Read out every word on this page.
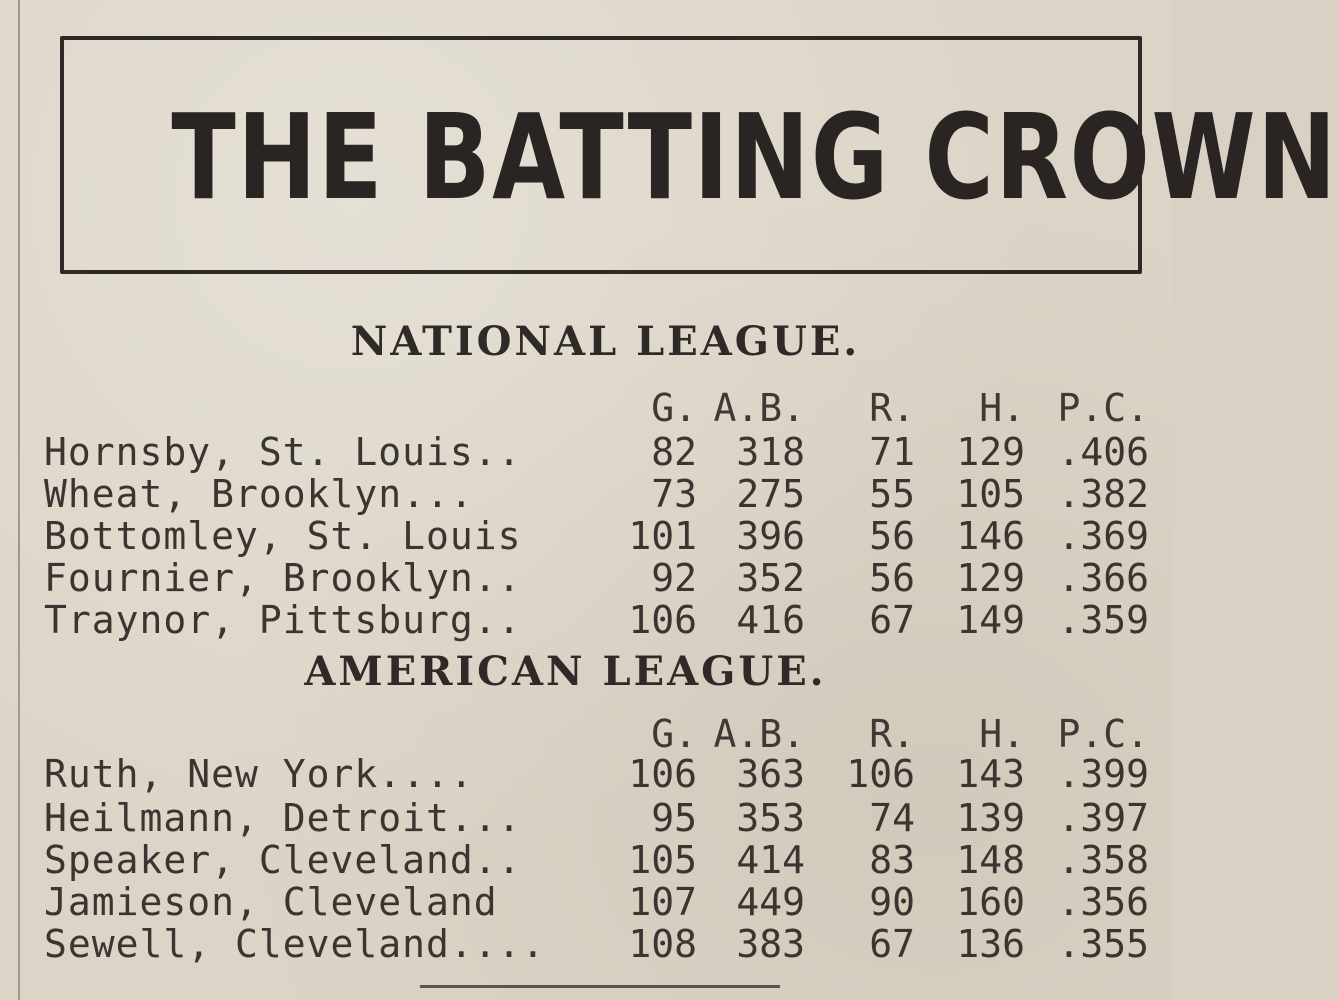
THE BATTING CROWN
NATIONAL LEAGUE.
G. A.B. R. H. P.C.
Hornsby, St. Louis..	82 318 71 129 .406
Wheat, Brooklyn...	73 275 55 105 .382
Bottomley, St. Louis	101 396 56 146 .369
Fournier, Brooklyn..	92 352 56 129 .366
Traynor, Pittsburg..	106 416 67 149 .359
AMERICAN LEAGUE.
G. A.B. R. H. P.C.
Ruth, New York....	106 363 106 143 .399
Heilmann, Detroit...	95 353 74 139 .397
Speaker, Cleveland..	105 414 83 148 .358
Jamieson, Cleveland	107 449 90 160 .356
Sewell, Cleveland.... 108 383 67 136 .355
